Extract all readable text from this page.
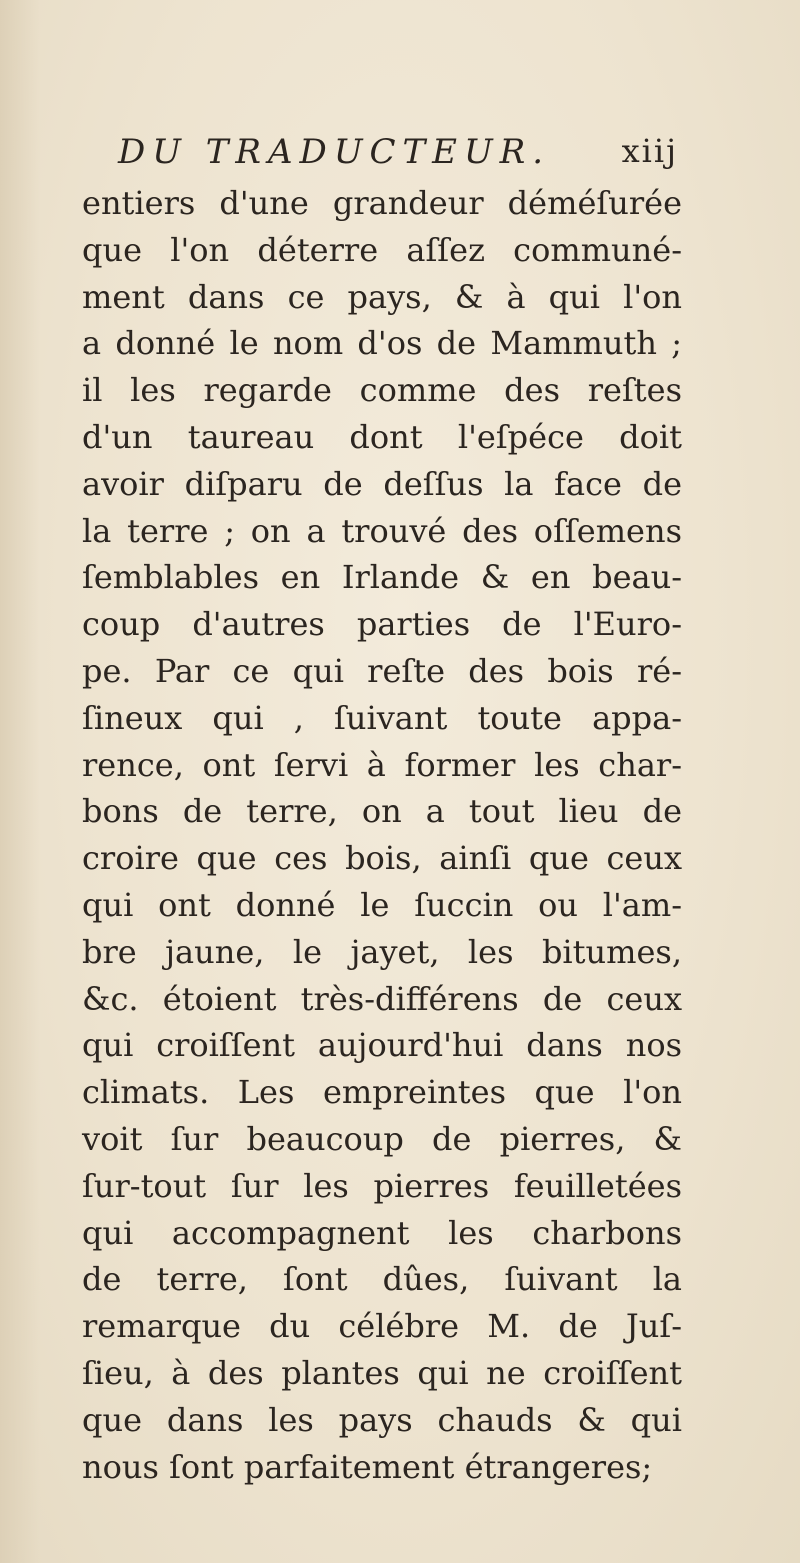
DU TRADUCTEUR. xiij
entiers d'une grandeur déméſurée
que l'on déterre aſſez communé-
ment dans ce pays, & à qui l'on
a donné le nom d'os de Mammuth ;
il les regarde comme des reſtes
d'un taureau dont l'eſpéce doit
avoir diſparu de deſſus la face de
la terre ; on a trouvé des oſſemens
ſemblables en Irlande & en beau-
coup d'autres parties de l'Euro-
pe. Par ce qui reſte des bois ré-
ſineux qui , ſuivant toute appa-
rence, ont ſervi à former les char-
bons de terre, on a tout lieu de
croire que ces bois, ainſi que ceux
qui ont donné le ſuccin ou l'am-
bre jaune, le jayet, les bitumes,
&c. étoient très-différens de ceux
qui croiſſent aujourd'hui dans nos
climats. Les empreintes que l'on
voit ſur beaucoup de pierres, &
ſur-tout ſur les pierres feuilletées
qui accompagnent les charbons
de terre, ſont dûes, ſuivant la
remarque du célébre M. de Juſ-
ſieu, à des plantes qui ne croiſſent
que dans les pays chauds & qui
nous ſont parfaitement étrangeres;
